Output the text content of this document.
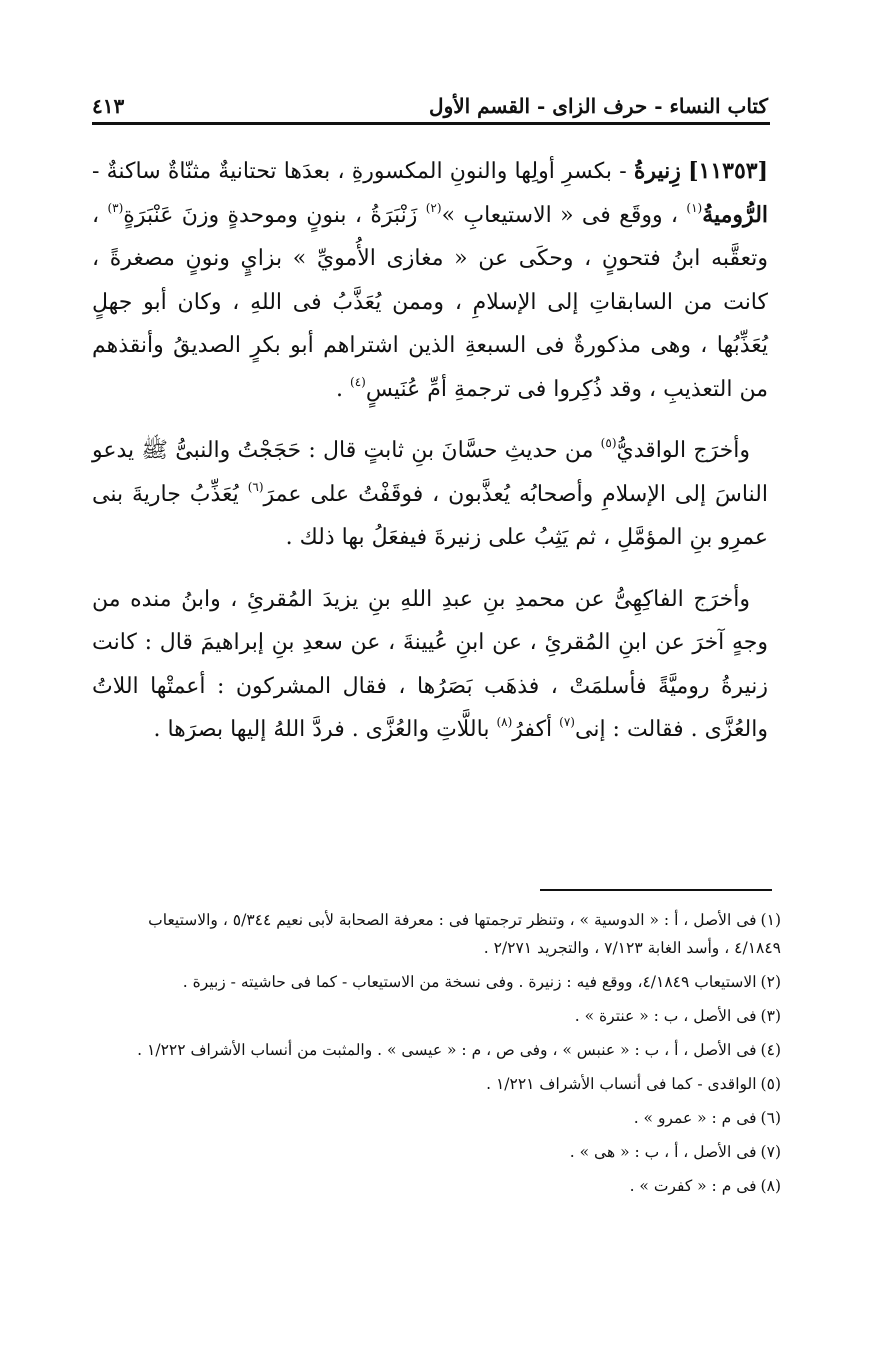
كتاب النساء - حرف الزاى - القسم الأول
٤١٣

[١١٣٥٣] زِنيرةُ - بكسرِ أولِها والنونِ المكسورةِ ، بعدَها تحتانيةٌ مثنّاةٌ ساكنةٌ - الرُّوميةُ$^{(١)}$ ، ووقَع فى « الاستيعابِ »$^{(٢)}$ زَنْبَرَةُ ، بنونٍ وموحدةٍ وزنَ عَنْبَرَةٍ$^{(٣)}$ ، وتعقَّبه ابنُ فتحونٍ ، وحكَى عن « مغازى الأُمويِّ » بزايٍ ونونٍ مصغرةً ، كانت من السابقاتِ إلى الإسلامِ ، وممن يُعَذَّبُ فى اللهِ ، وكان أبو جهلٍ يُعَذِّبُها ، وهى مذكورةٌ فى السبعةِ الذين اشتراهم أبو بكرٍ الصديقُ وأنقذهم من التعذيبِ ، وقد ذُكِروا فى ترجمةِ أمِّ عُنَيسٍ$^{(٤)}$ .

وأخرَج الواقديُّ$^{(٥)}$ من حديثِ حسَّانَ بنِ ثابتٍ قال : حَجَجْتُ والنبىُّ ﷺ يدعو الناسَ إلى الإسلامِ وأصحابُه يُعذَّبون ، فوقَفْتُ على عمرَ$^{(٦)}$ يُعَذِّبُ جاريةَ بنى عمرِو بنِ المؤمَّلِ ، ثم يَثِبُ على زنيرةَ فيفعَلُ بها ذلك .

وأخرَج الفاكِهِىُّ عن محمدِ بنِ عبدِ اللهِ بنِ يزيدَ المُقرئِ ، وابنُ منده من وجهٍ آخرَ عن ابنِ المُقرئِ ، عن ابنِ عُيينةَ ، عن سعدِ بنِ إبراهيمَ قال : كانت زنيرةُ روميَّةً فأسلمَتْ ، فذهَب بَصَرُها ، فقال المشركون : أعمتْها اللاتُ والعُزَّى . فقالت : إنى$^{(٧)}$ أكفرُ$^{(٨)}$ باللَّاتِ والعُزَّى . فردَّ اللهُ إليها بصرَها .

(١)فى الأصل ، أ : « الدوسية » ، وتنظر ترجمتها فى : معرفة الصحابة لأبى نعيم ٥/٣٤٤ ، والاستيعاب ٤/١٨٤٩ ، وأسد الغابة ٧/١٢٣ ، والتجريد ٢/٢٧١ .
(٢)الاستيعاب ٤/١٨٤٩، ووقع فيه : زنيرة . وفى نسخة من الاستيعاب - كما فى حاشيته - زبيرة .
(٣)فى الأصل ، ب : « عنترة » .
(٤)فى الأصل ، أ ، ب : « عنبس » ، وفى ص ، م : « عيسى » . والمثبت من أنساب الأشراف ١/٢٢٢ .
(٥)الواقدى - كما فى أنساب الأشراف ١/٢٢١ .
(٦)فى م : « عمرو » .
(٧)فى الأصل ، أ ، ب : « هى » .
(٨)فى م : « كفرت » .
